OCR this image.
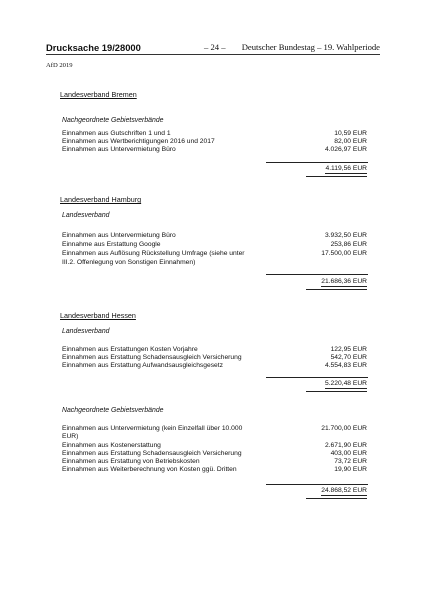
Drucksache 19/28000	– 24 – Deutscher Bundestag – 19. Wahlperiode
AfD 2019
Landesverband Bremen
Nachgeordnete Gebietsverbände
Einnahmen aus Gutschriften 1 und 1	10,59 EUR
Einnahmen aus Wertberichtigungen 2016 und 2017	82,00 EUR
Einnahmen aus Untervermietung Büro	4.026,97 EUR
4.119,56 EUR
Landesverband Hamburg
Landesverband
Einnahmen aus Untervermietung Büro	3.932,50 EUR
Einnahme aus Erstattung Google	253,86 EUR
Einnahmen aus Auflösung Rückstellung Umfrage (siehe unter	17.500,00 EUR
III.2. Offenlegung von Sonstigen Einnahmen)
21.686,36 EUR
Landesverband Hessen
Landesverband
Einnahmen aus Erstattungen Kosten Vorjahre	122,95 EUR
Einnahmen aus Erstattung Schadensausgleich Versicherung	542,70 EUR
Einnahmen aus Erstattung Aufwandsausgleichsgesetz	4.554,83 EUR
5.220,48 EUR
Nachgeordnete Gebietsverbände
Einnahmen aus Untervermietung (kein Einzelfall über 10.000	21.700,00 EUR
EUR)
Einnahmen aus Kostenerstattung	2.671,90 EUR
Einnahmen aus Erstattung Schadensausgleich Versicherung	403,00 EUR
Einnahmen aus Erstattung von Betriebskosten	73,72 EUR
Einnahmen aus Weiterberechnung von Kosten ggü. Dritten	19,90 EUR
24.868,52 EUR
